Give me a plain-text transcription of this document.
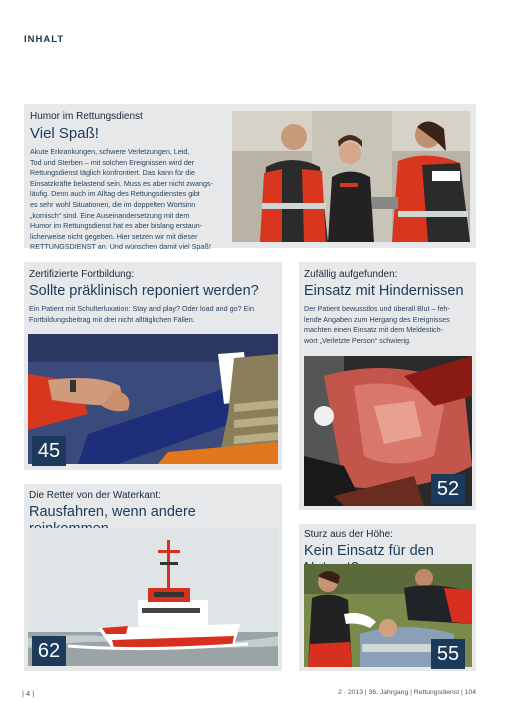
INHALT
Humor im Rettungsdienst
Viel Spaß!
Akute Erkrankungen, schwere Verletzungen, Leid,
Tod und Sterben – mit solchen Ereignissen wird der
Rettungsdienst täglich konfrontiert. Das kann für die
Einsatzkräfte belastend sein. Muss es aber nicht zwangs-
läufig. Denn auch im Alltag des Rettungsdienstes gibt
es sehr wohl Situationen, die im doppelten Wortsinn
„komisch“ sind. Eine Auseinandersetzung mit dem
Humor im Rettungsdienst hat es aber bislang erstaun-
licherweise nicht gegeben. Hier setzen wir mit dieser
RETTUNGSDIENST an. Und wünschen damit viel Spaß!
Zertifizierte Fortbildung:
Sollte präklinisch reponiert werden?
Ein Patient mit Schulterluxation: Stay and play? Oder load and go? Ein
Fortbildungsbeitrag mit drei nicht alltäglichen Fällen.
45
Zufällig aufgefunden:
Einsatz mit Hindernissen
Der Patient bewusstlos und überall Blut – feh-
lende Angaben zum Hergang des Ereignisses
machten einen Einsatz mit dem Meldestich-
wort „Verletzte Person“ schwierig.
52
Die Retter von der Waterkant:
Rausfahren, wenn andere
62
Sturz aus der Höhe:
Kein Einsatz für den
55
| 4 |	2 · 2013 | 36. Jahrgang | Rettungsdienst | 104
